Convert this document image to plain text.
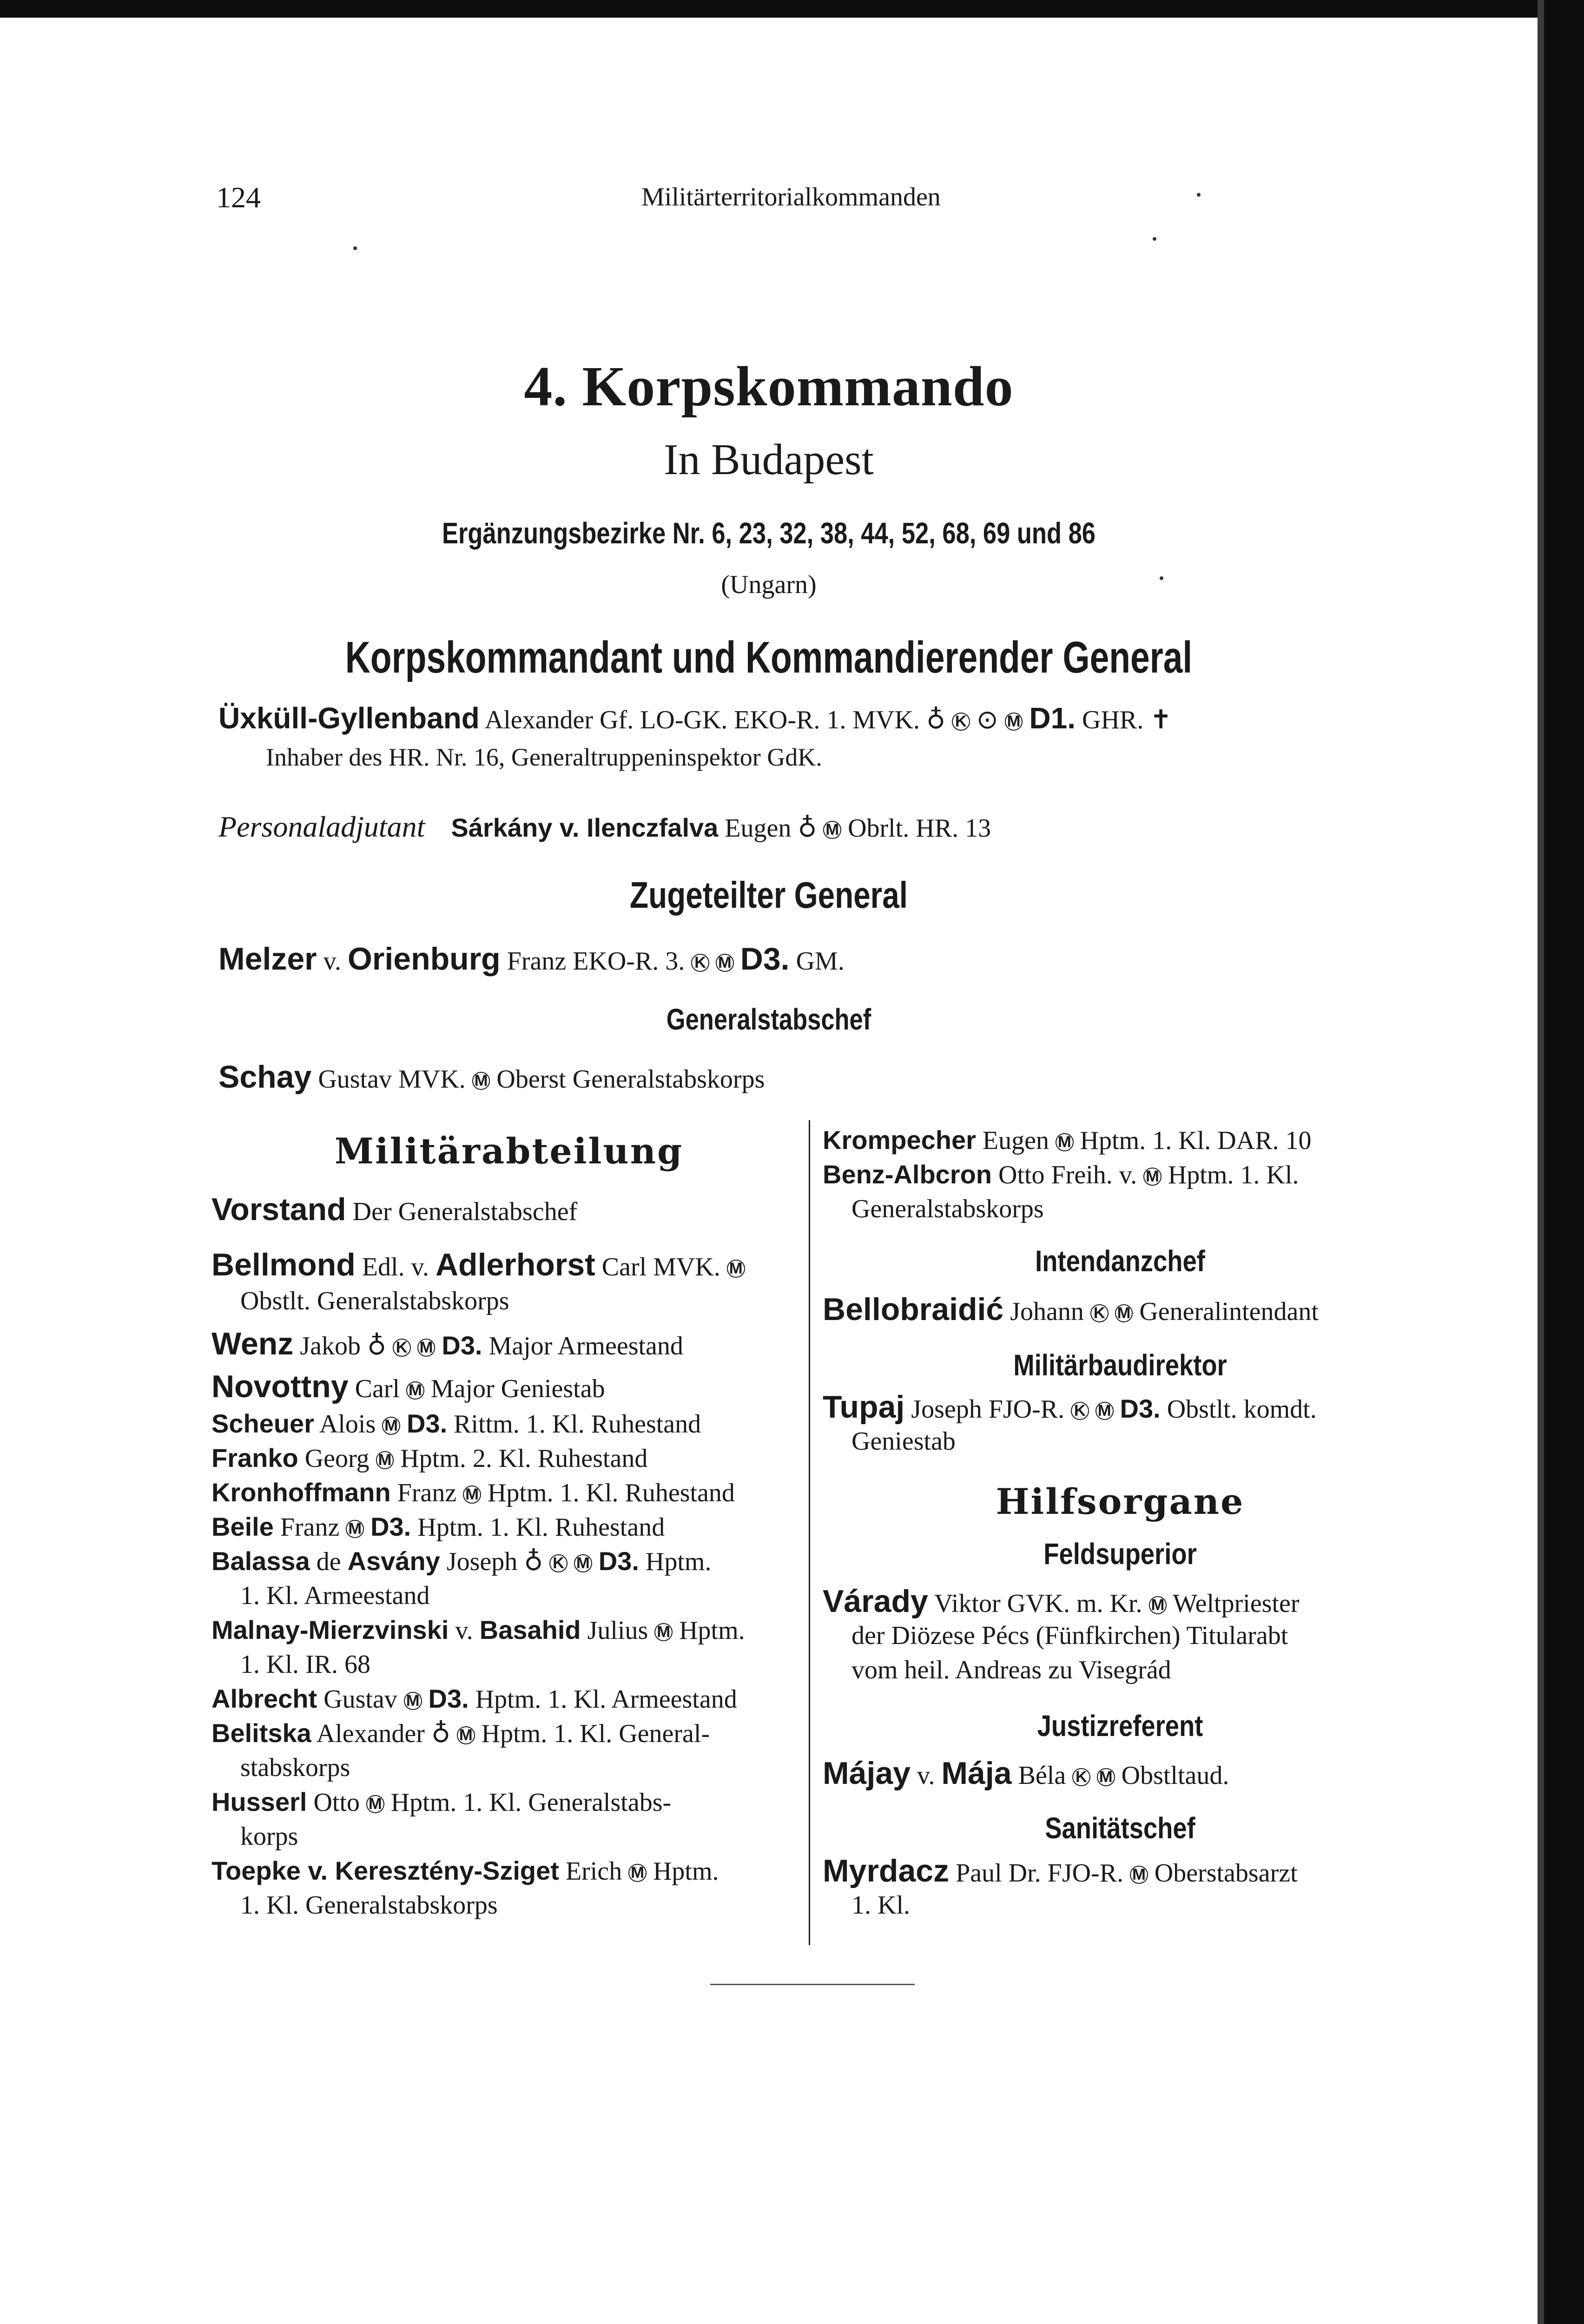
124	Militärterritorialkommanden
4. Korpskommando
In Budapest
Ergänzungsbezirke Nr. 6, 23, 32, 38, 44, 52, 68, 69 und 86
(Ungarn)
Korpskommandant und Kommandierender General
Üxküll-Gyllenband Alexander Gf. LO-GK. EKO-R. 1. MVK. ♁ K ⊙ M D1. GHR. ✝
Inhaber des HR. Nr. 16, Generaltruppeninspektor GdK.
Personaladjutant Sárkány v. Ilenczfalva Eugen ♁ M Obrlt. HR. 13
Zugeteilter General
Melzer v. Orienburg Franz EKO-R. 3. K M D3. GM.
Generalstabschef
Schay Gustav MVK. M Oberst Generalstabskorps
Militärabteilung
Vorstand Der Generalstabschef
Bellmond Edl. v. Adlerhorst Carl MVK. M
Obstlt. Generalstabskorps
Wenz Jakob ♁ K M D3. Major Armeestand
Novottny Carl M Major Geniestab
Scheuer Alois M D3. Rittm. 1. Kl. Ruhestand
Franko Georg M Hptm. 2. Kl. Ruhestand
Kronhoffmann Franz M Hptm. 1. Kl. Ruhestand
Beile Franz M D3. Hptm. 1. Kl. Ruhestand
Balassa de Asvány Joseph ♁ K M D3. Hptm.
1. Kl. Armeestand
Malnay-Mierzvinski v. Basahid Julius M Hptm.
1. Kl. IR. 68
Albrecht Gustav M D3. Hptm. 1. Kl. Armeestand
Belitska Alexander ♁ M Hptm. 1. Kl. General-
stabskorps
Husserl Otto M Hptm. 1. Kl. Generalstabs-
korps
Toepke v. Keresztény-Sziget Erich M Hptm.
1. Kl. Generalstabskorps
Krompecher Eugen M Hptm. 1. Kl. DAR. 10
Benz-Albcron Otto Freih. v. M Hptm. 1. Kl.
Generalstabskorps
Intendanzchef
Bellobraidić Johann K M Generalintendant
Militärbaudirektor
Tupaj Joseph FJO-R. K M D3. Obstlt. komdt.
Geniestab
Hilfsorgane
Feldsuperior
Várady Viktor GVK. m. Kr. M Weltpriester
der Diözese Pécs (Fünfkirchen) Titularabt
vom heil. Andreas zu Visegrád
Justizreferent
Májay v. Mája Béla K M Obstltaud.
Sanitätschef
Myrdacz Paul Dr. FJO-R. M Oberstabsarzt
1. Kl.
